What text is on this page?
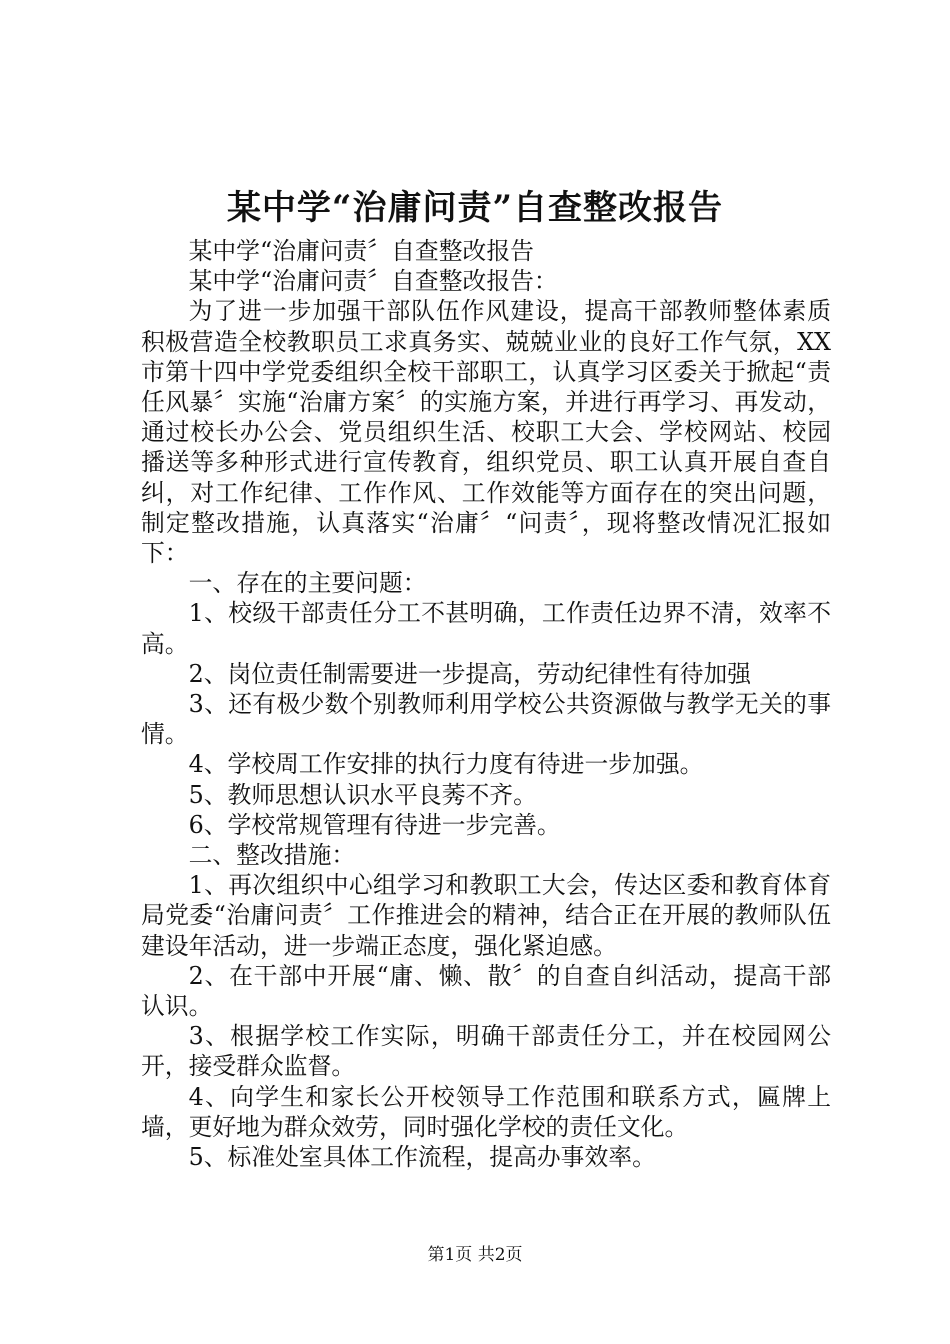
某中学“治庸问责”自查整改报告

某中学“治庸问责〞自查整改报告

某中学“治庸问责〞自查整改报告：

为了进一步加强干部队伍作风建设，提高干部教师整体素质积极营造全校教职员工求真务实、兢兢业业的良好工作气氛，XX市第十四中学党委组织全校干部职工，认真学习区委关于掀起“责任风暴〞实施“治庸方案〞的实施方案，并进行再学习、再发动，通过校长办公会、党员组织生活、校职工大会、学校网站、校园播送等多种形式进行宣传教育，组织党员、职工认真开展自查自纠，对工作纪律、工作作风、工作效能等方面存在的突出问题，制定整改措施，认真落实“治庸〞“问责〞，现将整改情况汇报如下：

一、存在的主要问题：

1、校级干部责任分工不甚明确，工作责任边界不清，效率不高。

2、岗位责任制需要进一步提高，劳动纪律性有待加强

3、还有极少数个别教师利用学校公共资源做与教学无关的事情。

4、学校周工作安排的执行力度有待进一步加强。

5、教师思想认识水平良莠不齐。

6、学校常规管理有待进一步完善。

二、整改措施：

1、再次组织中心组学习和教职工大会，传达区委和教育体育局党委“治庸问责〞工作推进会的精神，结合正在开展的教师队伍建设年活动，进一步端正态度，强化紧迫感。

2、在干部中开展“庸、懒、散〞的自查自纠活动，提高干部认识。

3、根据学校工作实际，明确干部责任分工，并在校园网公开，接受群众监督。

4、向学生和家长公开校领导工作范围和联系方式，匾牌上墙，更好地为群众效劳，同时强化学校的责任文化。

5、标准处室具体工作流程，提高办事效率。

第1页 共2页
